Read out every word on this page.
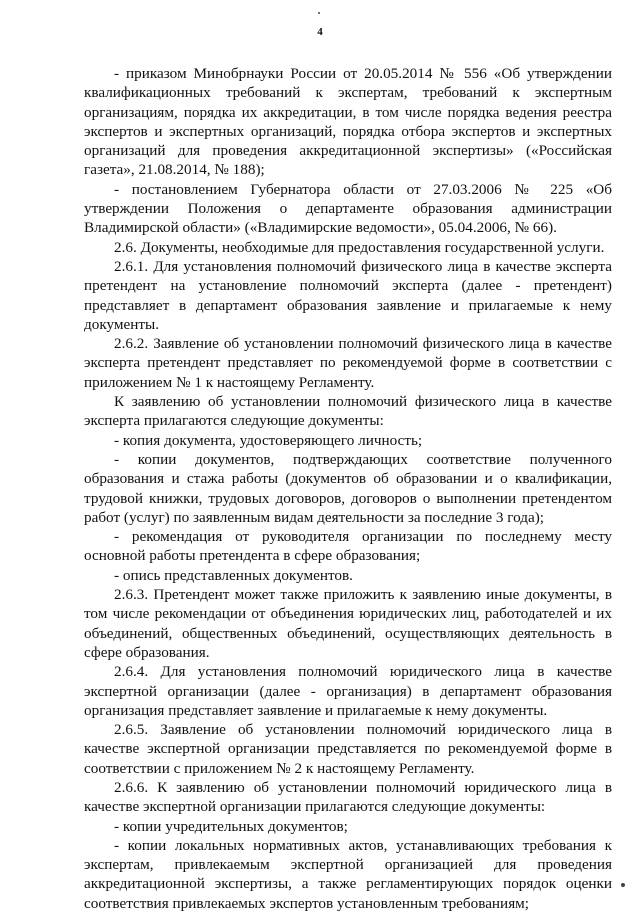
4

- приказом Минобрнауки России от 20.05.2014 № 556 «Об утверждении квалификационных требований к экспертам, требований к экспертным организациям, порядка их аккредитации, в том числе порядка ведения реестра экспертов и экспертных организаций, порядка отбора экспертов и экспертных организаций для проведения аккредитационной экспертизы» («Российская газета», 21.08.2014, № 188);

- постановлением Губернатора области от 27.03.2006 № 225 «Об утверждении Положения о департаменте образования администрации Владимирской области» («Владимирские ведомости», 05.04.2006, № 66).

2.6. Документы, необходимые для предоставления государственной услуги.

2.6.1. Для установления полномочий физического лица в качестве эксперта претендент на установление полномочий эксперта (далее - претендент) представляет в департамент образования заявление и прилагаемые к нему документы.

2.6.2. Заявление об установлении полномочий физического лица в качестве эксперта претендент представляет по рекомендуемой форме в соответствии с приложением № 1 к настоящему Регламенту.

К заявлению об установлении полномочий физического лица в качестве эксперта прилагаются следующие документы:

- копия документа, удостоверяющего личность;

- копии документов, подтверждающих соответствие полученного образования и стажа работы (документов об образовании и о квалификации, трудовой книжки, трудовых договоров, договоров о выполнении претендентом работ (услуг) по заявленным видам деятельности за последние 3 года);

- рекомендация от руководителя организации по последнему месту основной работы претендента в сфере образования;

- опись представленных документов.

2.6.3. Претендент может также приложить к заявлению иные документы, в том числе рекомендации от объединения юридических лиц, работодателей и их объединений, общественных объединений, осуществляющих деятельность в сфере образования.

2.6.4. Для установления полномочий юридического лица в качестве экспертной организации (далее - организация) в департамент образования организация представляет заявление и прилагаемые к нему документы.

2.6.5. Заявление об установлении полномочий юридического лица в качестве экспертной организации представляется по рекомендуемой форме в соответствии с приложением № 2 к настоящему Регламенту.

2.6.6. К заявлению об установлении полномочий юридического лица в качестве экспертной организации прилагаются следующие документы:

- копии учредительных документов;

- копии локальных нормативных актов, устанавливающих требования к экспертам, привлекаемым экспертной организацией для проведения аккредитационной экспертизы, а также регламентирующих порядок оценки соответствия привлекаемых экспертов установленным требованиям;
